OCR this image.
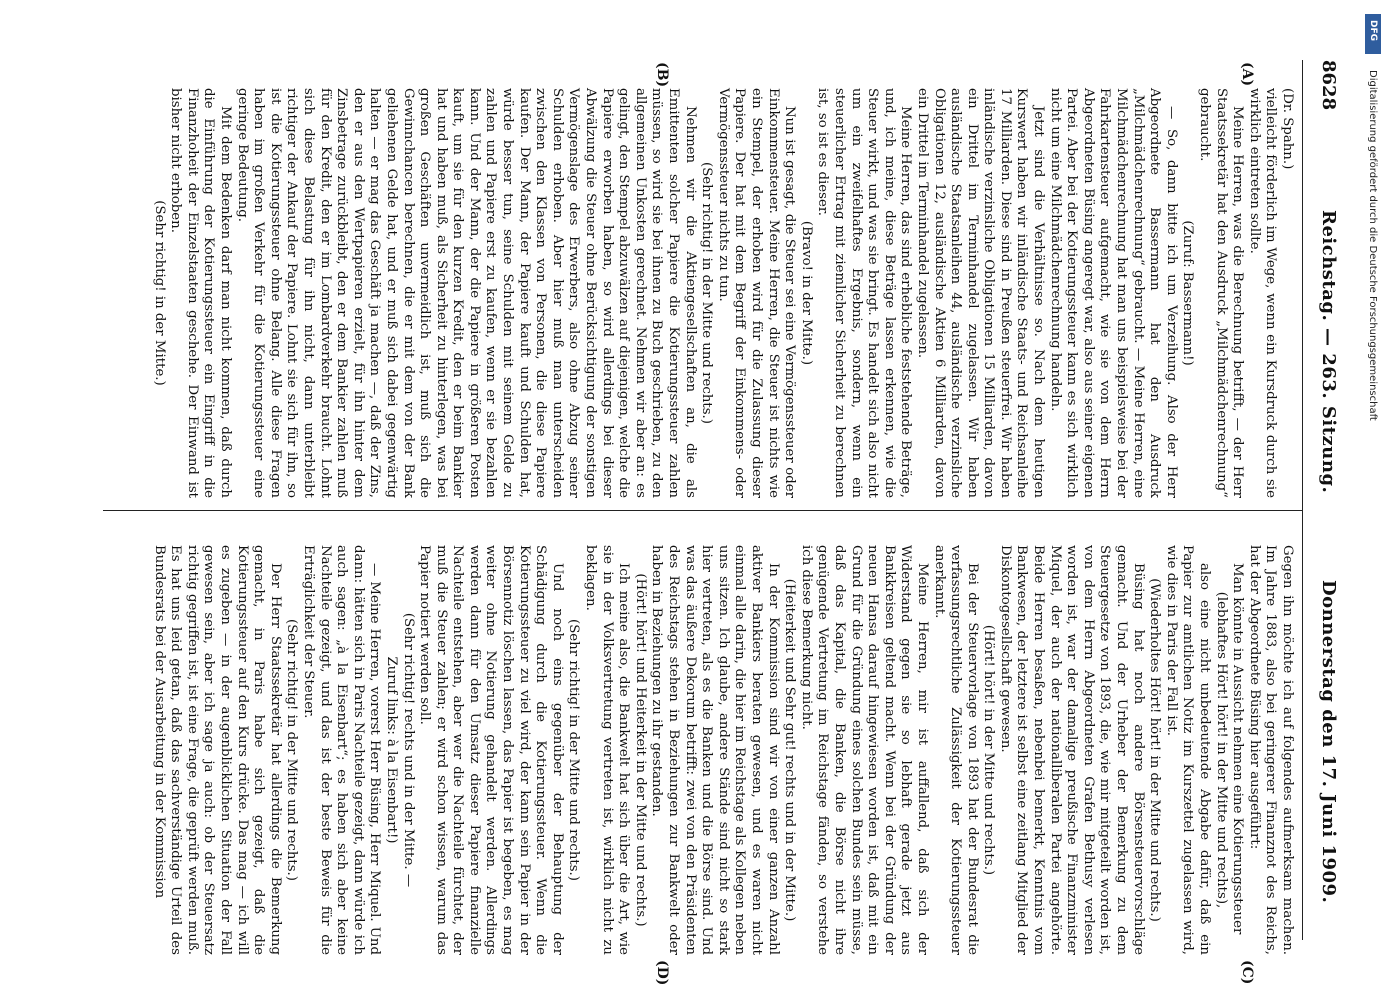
8628
Reichstag. — 263. Sitzung.
Donnerstag den 17. Juni 1909.
(A)
(B)
(C)
(D)

(Dr. Spahn.)

vielleicht förderlich im Wege, wenn ein Kursdruck durch sie wirklich eintreten sollte.

Meine Herren, was die Berechnung betrifft, — der Herr Staatssekretär hat den Ausdruck „Milchmädchenrechnung“ gebraucht.

(Zuruf: Bassermann!)

— So, dann bitte ich um Verzeihung. Also der Herr Abgeordnete Bassermann hat den Ausdruck „Milchmädchenrechnung“ gebraucht. — Meine Herren, eine Milchmädchenrechnung hat man uns beispielsweise bei der Fahrkartensteuer aufgemacht, wie sie von dem Herrn Abgeordneten Büsing angeregt war, also aus seiner eigenen Partei. Aber bei der Kotierungssteuer kann es sich wirklich nicht um eine Milchmädchenrechnung handeln.

Jetzt sind die Verhältnisse so. Nach dem heutigen Kurswert haben wir inländische Staats- und Reichsanleihe 17 Milliarden. Diese sind in Preußen steuerfrei. Wir haben inländische verzinsliche Obligationen 15 Milliarden, davon ein Drittel im Terminhandel zugelassen. Wir haben ausländische Staatsanleihen 44, ausländische verzinsliche Obligationen 12, ausländische Aktien 6 Milliarden, davon ein Drittel im Terminhandel zugelassen.

Meine Herren, das sind erhebliche feststehende Beträge, und, ich meine, diese Beträge lassen erkennen, wie die Steuer wirkt, und was sie bringt. Es handelt sich also nicht um ein zweifelhaftes Ergebnis, sondern, wenn ein steuerlicher Ertrag mit ziemlicher Sicherheit zu berechnen ist, so ist es dieser.

(Bravo! in der Mitte.)

Nun ist gesagt, die Steuer sei eine Vermögenssteuer oder Einkommensteuer. Meine Herren, die Steuer ist nichts wie ein Stempel, der erhoben wird für die Zulassung dieser Papiere. Der hat mit dem Begriff der Einkommens- oder Vermögenssteuer nichts zu tun.

(Sehr richtig! in der Mitte und rechts.)

Nehmen wir die Aktiengesellschaften an, die als Emittenten solcher Papiere die Kotierungssteuer zahlen müssen, so wird sie bei ihnen zu Buch geschrieben, zu den allgemeinen Unkosten gerechnet. Nehmen wir aber an: es gelingt, den Stempel abzuwälzen auf diejenigen, welche die Papiere erworben haben, so wird allerdings bei dieser Abwälzung die Steuer ohne Berücksichtigung der sonstigen Vermögenslage des Erwerbers, also ohne Abzug seiner Schulden erhoben. Aber hier muß man unterscheiden zwischen den Klassen von Personen, die diese Papiere kaufen. Der Mann, der Papiere kauft und Schulden hat, würde besser tun, seine Schulden mit seinem Gelde zu zahlen und Papiere erst zu kaufen, wenn er sie bezahlen kann. Und der Mann, der die Papiere in größeren Posten kauft, um sie für den kurzen Kredit, den er beim Bankier hat und haben muß, als Sicherheit zu hinterlegen, was bei großen Geschäften unvermeidlich ist, muß sich die Gewinnchancen berechnen, die er mit dem von der Bank geliehenen Gelde hat, und er muß sich dabei gegenwärtig halten — er mag das Geschäft ja machen —, daß der Zins, den er aus den Wertpapieren erzielt, für ihn hinter dem Zinsbetrage zurückbleibt, den er dem Bankier zahlen muß für den Kredit, den er im Lombardverkehr braucht. Lohnt sich diese Belastung für ihn nicht, dann unterbleibt richtiger der Ankauf der Papiere. Lohnt sie sich für ihn, so ist die Kotierungssteuer ohne Belang. Alle diese Fragen haben im großen Verkehr für die Kotierungssteuer eine geringe Bedeutung.

Mit dem Bedenken darf man nicht kommen, daß durch die Einführung der Kotierungssteuer ein Eingriff in die Finanzhoheit der Einzelstaaten geschehe. Der Einwand ist bisher nicht erhoben.

(Sehr richtig! in der Mitte.)

Gegen ihn möchte ich auf folgendes aufmerksam machen. Im Jahre 1883, also bei geringerer Finanznot des Reichs, hat der Abgeordnete Büsing hier ausgeführt:

Man könnte in Aussicht nehmen eine Kotierungssteuer

(lebhaftes Hört! hört! in der Mitte und rechts),

also eine nicht unbedeutende Abgabe dafür, daß ein Papier zur amtlichen Notiz im Kurszettel zugelassen wird, wie dies in Paris der Fall ist.

(Wiederholtes Hört! hört! in der Mitte und rechts.)

Büsing hat noch andere Börsensteuervorschläge gemacht. Und der Urheber der Bemerkung zu dem Steuergesetze von 1893, die, wie mir mitgeteilt worden ist, von dem Herrn Abgeordneten Grafen Bethusy verlesen worden ist, war der damalige preußische Finanzminister Miquel, der auch der nationalliberalen Partei angehörte. Beide Herren besaßen, nebenbei bemerkt, Kenntnis vom Bankwesen, der letztere ist selbst eine zeitlang Mitglied der Diskontogesellschaft gewesen.

(Hört! hört! in der Mitte und rechts.)

Bei der Steuervorlage von 1893 hat der Bundesrat die verfassungsrechtliche Zulässigkeit der Kotierungssteuer anerkannt.

Meine Herren, mir ist auffallend, daß sich der Widerstand gegen sie so lebhaft gerade jetzt aus Bankkreisen geltend macht. Wenn bei der Gründung der neuen Hansa darauf hingewiesen worden ist, daß mit ein Grund für die Gründung eines solchen Bundes sein müsse, daß das Kapital, die Banken, die Börse nicht ihre genügende Vertretung im Reichstage fänden, so verstehe ich diese Bemerkung nicht.

(Heiterkeit und Sehr gut! rechts und in der Mitte.)

In der Kommission sind wir von einer ganzen Anzahl aktiver Bankiers beraten gewesen, und es waren nicht einmal alle darin, die hier im Reichstage als Kollegen neben uns sitzen. Ich glaube, andere Stände sind nicht so stark hier vertreten, als es die Banken und die Börse sind. Und was das äußere Dekorum betrifft: zwei von den Präsidenten des Reichstags stehen in Beziehungen zur Bankwelt oder haben in Beziehungen zu ihr gestanden.

(Hört! hört! und Heiterkeit in der Mitte und rechts.)

Ich meine also, die Bankwelt hat sich über die Art, wie sie in der Volksvertretung vertreten ist, wirklich nicht zu beklagen.

(Sehr richtig! in der Mitte und rechts.)

Und noch eins gegenüber der Behauptung der Schädigung durch die Kotierungssteuer. Wenn die Kotierungssteuer zu viel wird, der kann sein Papier in der Börsennotiz löschen lassen, das Papier ist begeben, es mag weiter ohne Notierung gehandelt werden. Allerdings werden dann für den Umsatz dieser Papiere finanzielle Nachteile entstehen, aber wer die Nachteile fürchtet, der muß die Steuer zahlen; er wird schon wissen, warum das Papier notiert werden soll.

(Sehr richtig! rechts und in der Mitte. —

Zuruf links: à la Eisenbart!)

— Meine Herren, vorerst Herr Büsing, Herr Miquel. Und dann: hätten sich in Paris Nachteile gezeigt, dann würde ich auch sagen: „à la Eisenbart“; es haben sich aber keine Nachteile gezeigt, und das ist der beste Beweis für die Erträglichkeit der Steuer.

(Sehr richtig! in der Mitte und rechts.)

Der Herr Staatssekretär hat allerdings die Bemerkung gemacht, in Paris habe sich gezeigt, daß die Kotierungssteuer auf den Kurs drücke. Das mag — ich will es zugeben — in der augenblicklichen Situation der Fall gewesen sein, aber ich sage ja auch: ob der Steuersatz richtig gegriffen ist, ist eine Frage, die geprüft werden muß. Es hat uns leid getan, daß das sachverständige Urteil des Bundesrats bei der Ausarbeitung in der Kommission

DFG
Digitalisierung gefördert durch die Deutsche Forschungsgemeinschaft
